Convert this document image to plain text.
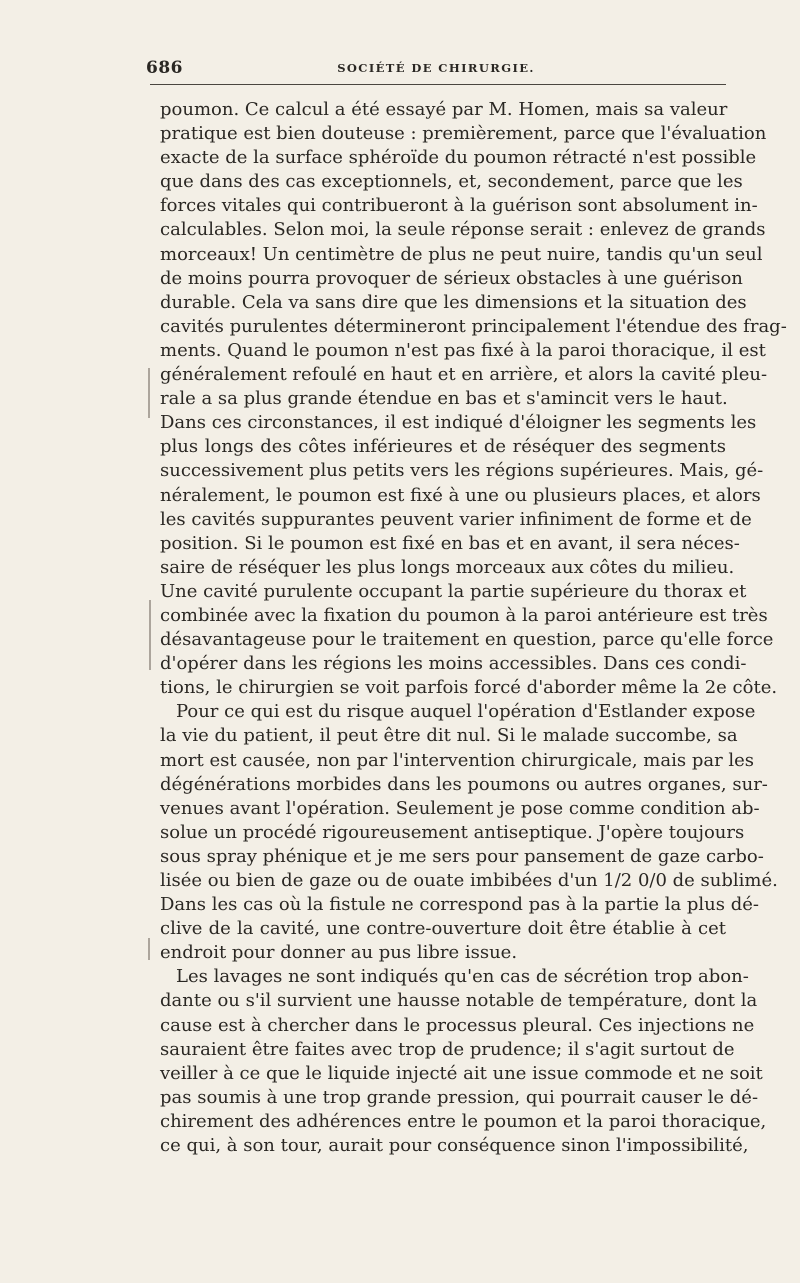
686	SOCIÉTÉ DE CHIRURGIE.

poumon. Ce calcul a été essayé par M. Homen, mais sa valeur
pratique est bien douteuse : premièrement, parce que l'évaluation
exacte de la surface sphéroïde du poumon rétracté n'est possible
que dans des cas exceptionnels, et, secondement, parce que les
forces vitales qui contribueront à la guérison sont absolument in-
calculables. Selon moi, la seule réponse serait : enlevez de grands
morceaux! Un centimètre de plus ne peut nuire, tandis qu'un seul
de moins pourra provoquer de sérieux obstacles à une guérison
durable. Cela va sans dire que les dimensions et la situation des
cavités purulentes détermineront principalement l'étendue des frag-
ments. Quand le poumon n'est pas fixé à la paroi thoracique, il est
généralement refoulé en haut et en arrière, et alors la cavité pleu-
rale a sa plus grande étendue en bas et s'amincit vers le haut.
Dans ces circonstances, il est indiqué d'éloigner les segments les
plus longs des côtes inférieures et de réséquer des segments
successivement plus petits vers les régions supérieures. Mais, gé-
néralement, le poumon est fixé à une ou plusieurs places, et alors
les cavités suppurantes peuvent varier infiniment de forme et de
position. Si le poumon est fixé en bas et en avant, il sera néces-
saire de réséquer les plus longs morceaux aux côtes du milieu.
Une cavité purulente occupant la partie supérieure du thorax et
combinée avec la fixation du poumon à la paroi antérieure est très
désavantageuse pour le traitement en question, parce qu'elle force
d'opérer dans les régions les moins accessibles. Dans ces condi-
tions, le chirurgien se voit parfois forcé d'aborder même la 2e côte.

Pour ce qui est du risque auquel l'opération d'Estlander expose
la vie du patient, il peut être dit nul. Si le malade succombe, sa
mort est causée, non par l'intervention chirurgicale, mais par les
dégénérations morbides dans les poumons ou autres organes, sur-
venues avant l'opération. Seulement je pose comme condition ab-
solue un procédé rigoureusement antiseptique. J'opère toujours
sous spray phénique et je me sers pour pansement de gaze carbo-
lisée ou bien de gaze ou de ouate imbibées d'un 1/2 0/0 de sublimé.
Dans les cas où la fistule ne correspond pas à la partie la plus dé-
clive de la cavité, une contre-ouverture doit être établie à cet
endroit pour donner au pus libre issue.

Les lavages ne sont indiqués qu'en cas de sécrétion trop abon-
dante ou s'il survient une hausse notable de température, dont la
cause est à chercher dans le processus pleural. Ces injections ne
sauraient être faites avec trop de prudence; il s'agit surtout de
veiller à ce que le liquide injecté ait une issue commode et ne soit
pas soumis à une trop grande pression, qui pourrait causer le dé-
chirement des adhérences entre le poumon et la paroi thoracique,
ce qui, à son tour, aurait pour conséquence sinon l'impossibilité,
